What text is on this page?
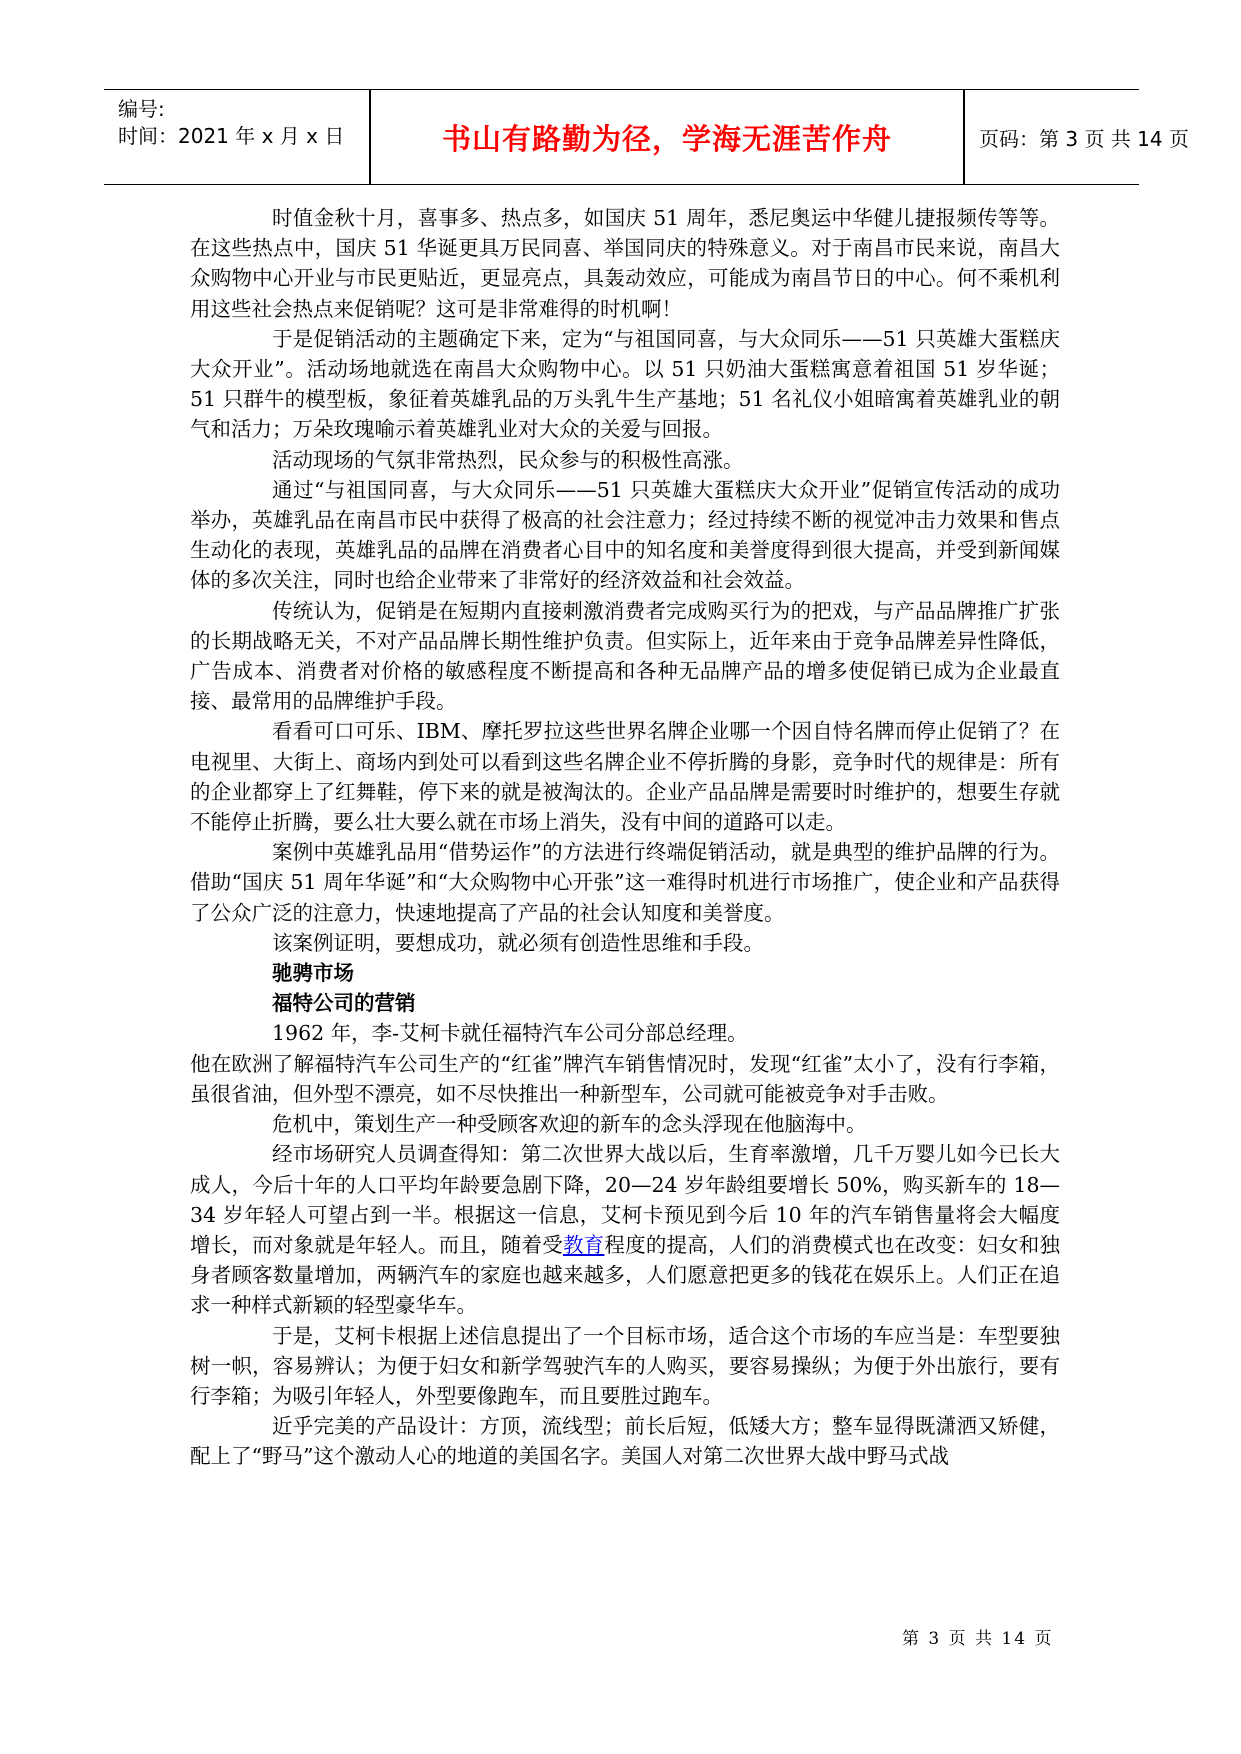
编号:
时间：2021 年 x 月 x 日	书山有路勤为径，学海无涯苦作舟	页码：第 3 页 共 14 页

时值金秋十月，喜事多、热点多，如国庆 51 周年，悉尼奥运中华健儿捷报频传等等。在这些热点中，国庆 51 华诞更具万民同喜、举国同庆的特殊意义。对于南昌市民来说，南昌大众购物中心开业与市民更贴近，更显亮点，具轰动效应，可能成为南昌节日的中心。何不乘机利用这些社会热点来促销呢？这可是非常难得的时机啊！

于是促销活动的主题确定下来，定为“与祖国同喜，与大众同乐——51 只英雄大蛋糕庆大众开业”。活动场地就选在南昌大众购物中心。以 51 只奶油大蛋糕寓意着祖国 51 岁华诞；51 只群牛的模型板，象征着英雄乳品的万头乳牛生产基地；51 名礼仪小姐暗寓着英雄乳业的朝气和活力；万朵玫瑰喻示着英雄乳业对大众的关爱与回报。

活动现场的气氛非常热烈，民众参与的积极性高涨。

通过“与祖国同喜，与大众同乐——51 只英雄大蛋糕庆大众开业”促销宣传活动的成功举办，英雄乳品在南昌市民中获得了极高的社会注意力；经过持续不断的视觉冲击力效果和售点生动化的表现，英雄乳品的品牌在消费者心目中的知名度和美誉度得到很大提高，并受到新闻媒体的多次关注，同时也给企业带来了非常好的经济效益和社会效益。

传统认为，促销是在短期内直接刺激消费者完成购买行为的把戏，与产品品牌推广扩张的长期战略无关，不对产品品牌长期性维护负责。但实际上，近年来由于竞争品牌差异性降低，广告成本、消费者对价格的敏感程度不断提高和各种无品牌产品的增多使促销已成为企业最直接、最常用的品牌维护手段。

看看可口可乐、IBM、摩托罗拉这些世界名牌企业哪一个因自恃名牌而停止促销了？在电视里、大街上、商场内到处可以看到这些名牌企业不停折腾的身影，竞争时代的规律是：所有的企业都穿上了红舞鞋，停下来的就是被淘汰的。企业产品品牌是需要时时维护的，想要生存就不能停止折腾，要么壮大要么就在市场上消失，没有中间的道路可以走。

案例中英雄乳品用“借势运作”的方法进行终端促销活动，就是典型的维护品牌的行为。借助“国庆 51 周年华诞”和“大众购物中心开张”这一难得时机进行市场推广，使企业和产品获得了公众广泛的注意力，快速地提高了产品的社会认知度和美誉度。

该案例证明，要想成功，就必须有创造性思维和手段。

驰骋市场

福特公司的营销

1962 年，李-艾柯卡就任福特汽车公司分部总经理。

他在欧洲了解福特汽车公司生产的“红雀”牌汽车销售情况时，发现“红雀”太小了，没有行李箱，虽很省油，但外型不漂亮，如不尽快推出一种新型车，公司就可能被竞争对手击败。

危机中，策划生产一种受顾客欢迎的新车的念头浮现在他脑海中。

经市场研究人员调查得知：第二次世界大战以后，生育率激增，几千万婴儿如今已长大成人，今后十年的人口平均年龄要急剧下降，20—24 岁年龄组要增长 50%，购买新车的 18—34 岁年轻人可望占到一半。根据这一信息，艾柯卡预见到今后 10 年的汽车销售量将会大幅度增长，而对象就是年轻人。而且，随着受教育程度的提高，人们的消费模式也在改变：妇女和独身者顾客数量增加，两辆汽车的家庭也越来越多，人们愿意把更多的钱花在娱乐上。人们正在追求一种样式新颖的轻型豪华车。

于是，艾柯卡根据上述信息提出了一个目标市场，适合这个市场的车应当是：车型要独树一帜，容易辨认；为便于妇女和新学驾驶汽车的人购买，要容易操纵；为便于外出旅行，要有行李箱；为吸引年轻人，外型要像跑车，而且要胜过跑车。

近乎完美的产品设计：方顶，流线型；前长后短，低矮大方；整车显得既潇洒又矫健，配上了“野马”这个激动人心的地道的美国名字。美国人对第二次世界大战中野马式战

第 3 页 共 14 页
